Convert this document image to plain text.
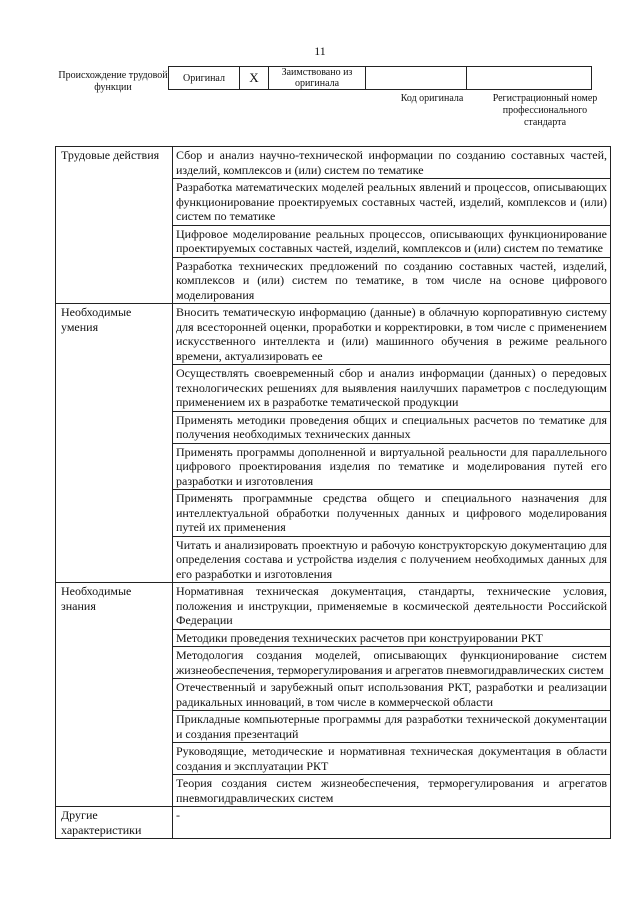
11
Происхождение трудовой функции
Оригинал	X	Заимствовано из оригинала		
Код оригинала	Регистрационный номер профессионального стандарта
Трудовые действия	Сбор и анализ научно-технической информации по созданию составных частей, изделий, комплексов и (или) систем по тематике
	Разработка математических моделей реальных явлений и процессов, описывающих функционирование проектируемых составных частей, изделий, комплексов и (или) систем по тематике
	Цифровое моделирование реальных процессов, описывающих функционирование проектируемых составных частей, изделий, комплексов и (или) систем по тематике
	Разработка технических предложений по созданию составных частей, изделий, комплексов и (или) систем по тематике, в том числе на основе цифрового моделирования
Необходимые умения	Вносить тематическую информацию (данные) в облачную корпоративную систему для всесторонней оценки, проработки и корректировки, в том числе с применением искусственного интеллекта и (или) машинного обучения в режиме реального времени, актуализировать ее
	Осуществлять своевременный сбор и анализ информации (данных) о передовых технологических решениях для выявления наилучших параметров с последующим применением их в разработке тематической продукции
	Применять методики проведения общих и специальных расчетов по тематике для получения необходимых технических данных
	Применять программы дополненной и виртуальной реальности для параллельного цифрового проектирования изделия по тематике и моделирования путей его разработки и изготовления
	Применять программные средства общего и специального назначения для интеллектуальной обработки полученных данных и цифрового моделирования путей их применения
	Читать и анализировать проектную и рабочую конструкторскую документацию для определения состава и устройства изделия с получением необходимых данных для его разработки и изготовления
Необходимые знания	Нормативная техническая документация, стандарты, технические условия, положения и инструкции, применяемые в космической деятельности Российской Федерации
	Методики проведения технических расчетов при конструировании РКТ
	Методология создания моделей, описывающих функционирование систем жизнеобеспечения, терморегулирования и агрегатов пневмогидравлических систем
	Отечественный и зарубежный опыт использования РКТ, разработки и реализации радикальных инноваций, в том числе в коммерческой области
	Прикладные компьютерные программы для разработки технической документации и создания презентаций
	Руководящие, методические и нормативная техническая документация в области создания и эксплуатации РКТ
	Теория создания систем жизнеобеспечения, терморегулирования и агрегатов пневмогидравлических систем
Другие характеристики	-
